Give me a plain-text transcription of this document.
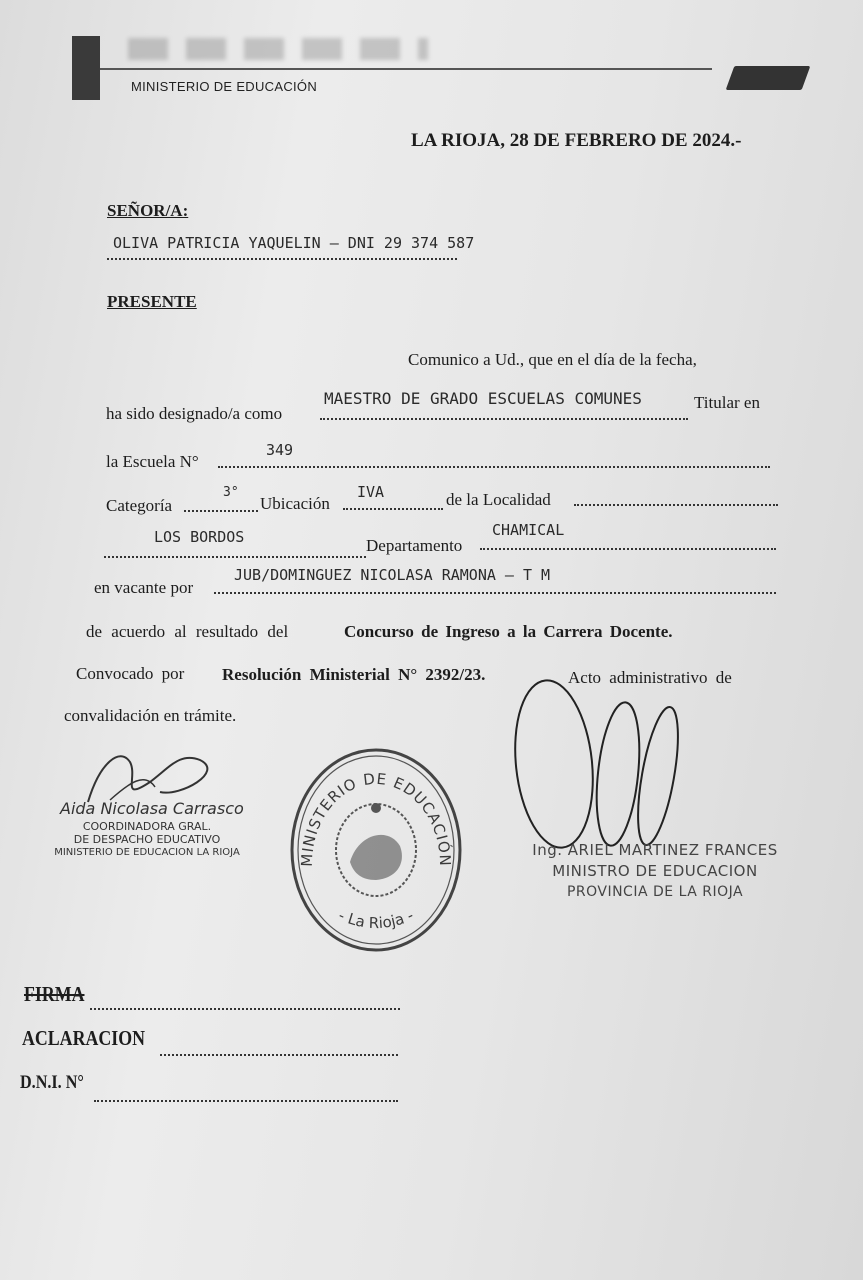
MINISTERIO DE EDUCACIÓN
LA RIOJA, 28 DE FEBRERO DE 2024.-
SEÑOR/A:
OLIVA PATRICIA YAQUELIN – DNI 29 374 587
PRESENTE
Comunico a Ud., que en el día de la fecha,
ha sido designado/a como
MAESTRO DE GRADO ESCUELAS COMUNES	Titular en
la Escuela N°
349
Categoría
3°
Ubicación
IVA	de la Localidad
LOS BORDOS	Departamento
CHAMICAL
en vacante por
JUB/DOMINGUEZ NICOLASA RAMONA – T M
de acuerdo al resultado del	Concurso de Ingreso a la Carrera Docente.
Convocado por Resolución Ministerial N° 2392/23.	Acto administrativo de
convalidación en trámite.
Aida Nicolasa Carrasco
COORDINADORA GRAL.
DE DESPACHO EDUCATIVO
MINISTERIO DE EDUCACION LA RIOJA	MINISTERIO DE EDUCACIÓN
- La Rioja -
Ing. ARIEL MARTINEZ FRANCES
MINISTRO DE EDUCACION
PROVINCIA DE LA RIOJA
FIRMA
ACLARACION
D.N.I. N°
